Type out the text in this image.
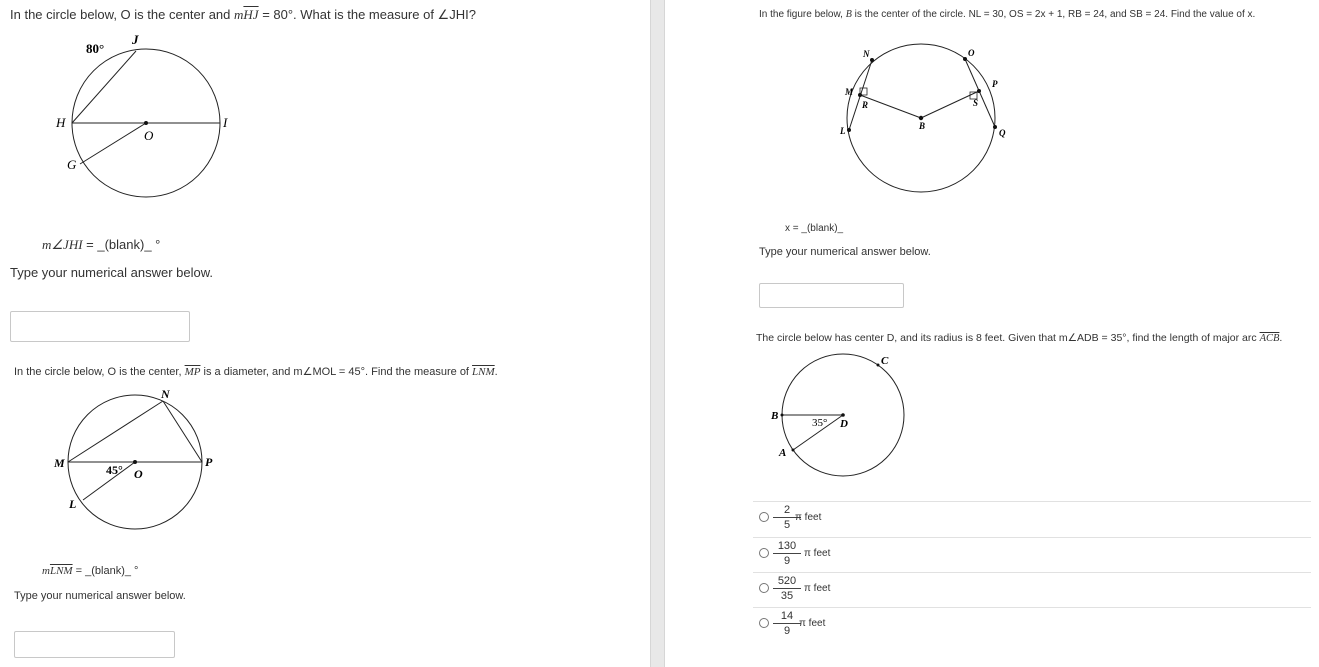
In the circle below, O is the center and $m\overline{HJ} = 80^\circ$. What is the measure of ∠JHI?
80°
J
H	I
O
G
m∠JHI = _(blank)_ °
Type your numerical answer below.
In the circle below, O is the center, $\overline{MP}$ is a diameter, and m∠MOL = 45°. Find the measure of $\overline{LNM}$.
N
M	P
O
L
45°
$m\overline{LNM}$ = _(blank)_ °
Type your numerical answer below.
In the figure below, B is the center of the circle. NL = 30, OS = 2x + 1, RB = 24, and SB = 24. Find the value of x.
N	O
M
R
P
S
L	B
Q
x = _(blank)_
Type your numerical answer below.
The circle below has center D, and its radius is 8 feet. Given that m∠ADB = 35°, find the length of major arc $\overline{ACB}$.
C
B
D
A
35°
2
5
π feet
130
9
π feet
520
35
π feet
14
9
π feet
